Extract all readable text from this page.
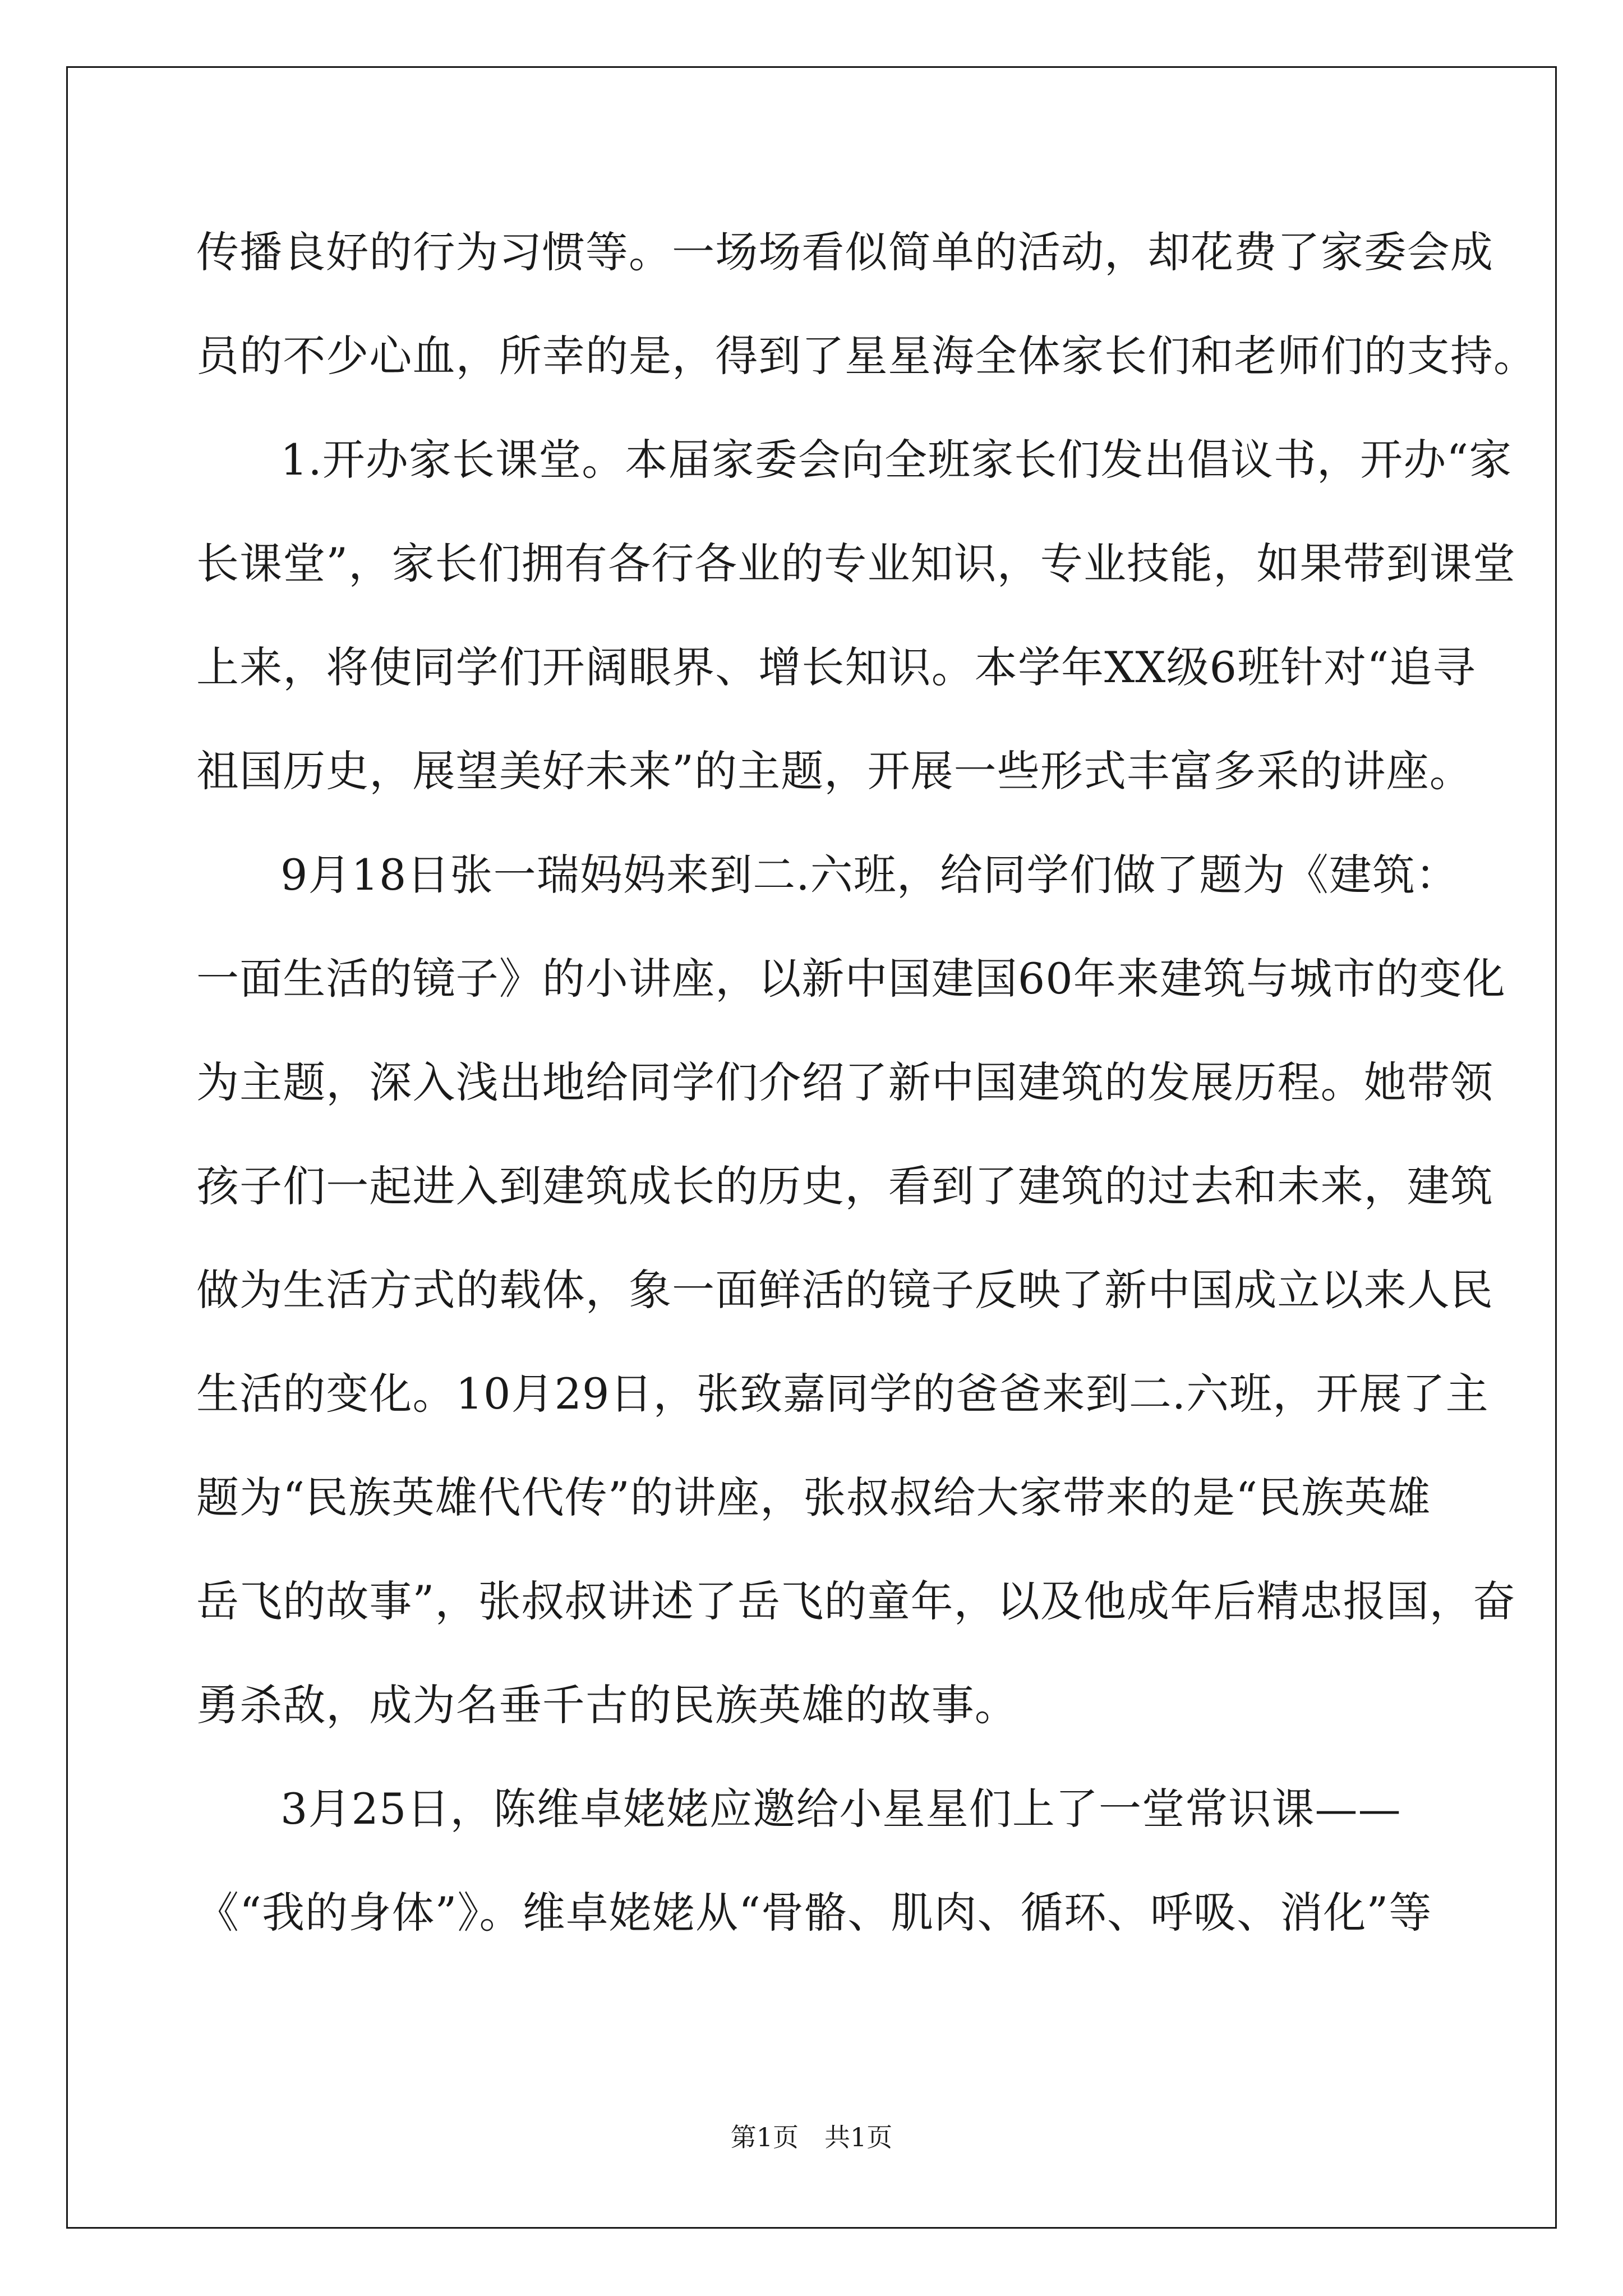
传播良好的行为习惯等。一场场看似简单的活动，却花费了家委会成
员的不少心血，所幸的是，得到了星星海全体家长们和老师们的支持。
1.开办家长课堂。本届家委会向全班家长们发出倡议书，开办“家
长课堂”，家长们拥有各行各业的专业知识，专业技能，如果带到课堂
上来，将使同学们开阔眼界、增长知识。本学年XX级6班针对“追寻
祖国历史，展望美好未来”的主题，开展一些形式丰富多采的讲座。
9月18日张一瑞妈妈来到二.六班，给同学们做了题为《建筑：
一面生活的镜子》的小讲座，以新中国建国60年来建筑与城市的变化
为主题，深入浅出地给同学们介绍了新中国建筑的发展历程。她带领
孩子们一起进入到建筑成长的历史，看到了建筑的过去和未来，建筑
做为生活方式的载体，象一面鲜活的镜子反映了新中国成立以来人民
生活的变化。10月29日，张致嘉同学的爸爸来到二.六班，开展了主
题为“民族英雄代代传”的讲座，张叔叔给大家带来的是“民族英雄
岳飞的故事”，张叔叔讲述了岳飞的童年，以及他成年后精忠报国，奋
勇杀敌，成为名垂千古的民族英雄的故事。
3月25日，陈维卓姥姥应邀给小星星们上了一堂常识课——
《“我的身体”》。维卓姥姥从“骨骼、肌肉、循环、呼吸、消化”等
第1页 共1页
